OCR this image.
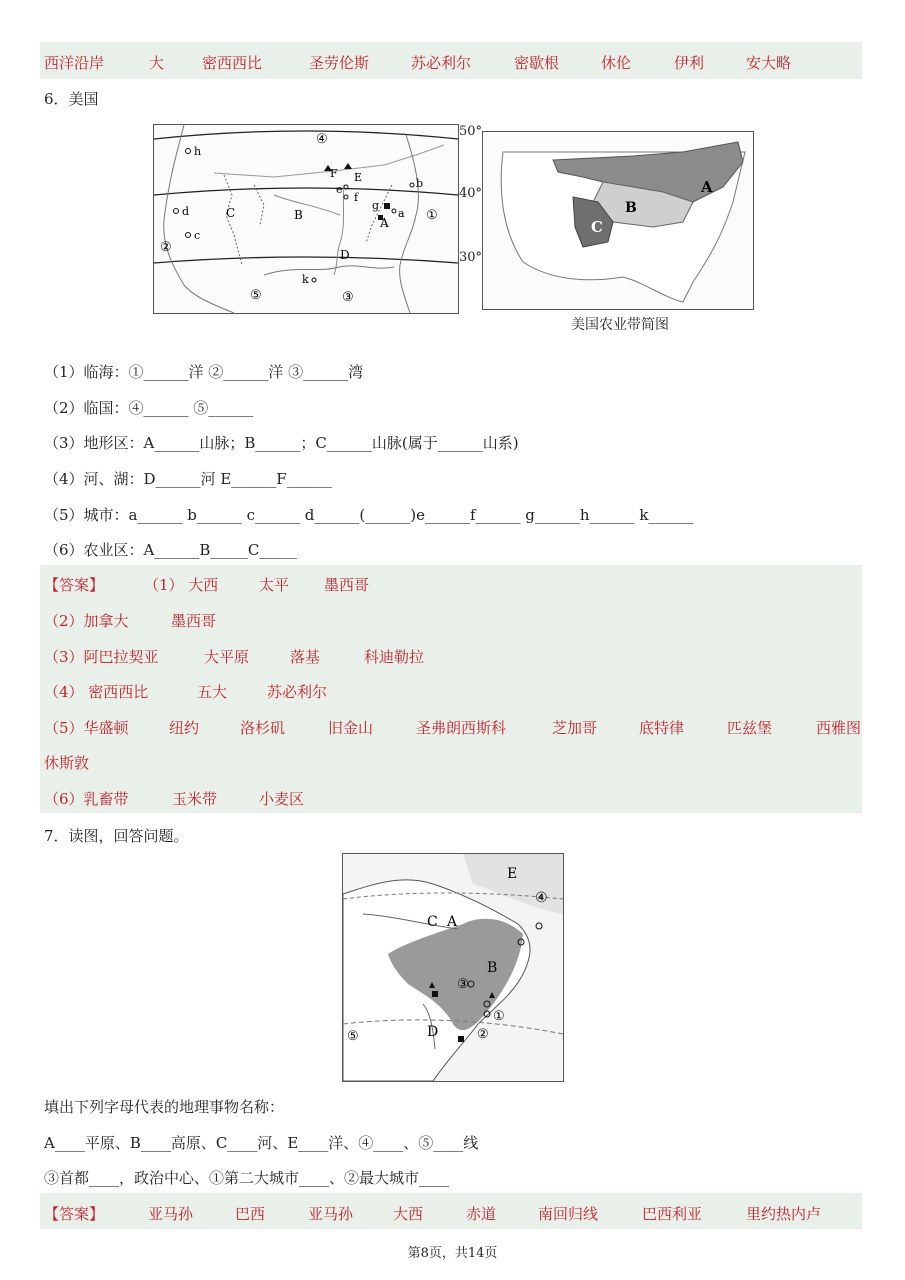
西洋沿岸	大	密西西比	圣劳伦斯	苏必利尔	密歇根	休伦	伊利	安大略
6．美国
④
①
②
③
⑤
A
B
C
D
E
F
a
b
c
d
e
f
g
h
k
50°
40°
30°
A
B
C
美国农业带简图
（1）临海：①______洋 ②______洋 ③______湾
（2）临国：④______ ⑤______
（3）地形区：A______山脉；B______；C______山脉(属于______山系)
（4）河、湖：D______河 E______F______
（5）城市：a______ b______ c______ d______(______)e______f______ g______h______ k______
（6）农业区：A______B_____C_____
【答案】	（1） 大西	太平 墨西哥
（2）加拿大	墨西哥
（3）阿巴拉契亚	大平原	落基	科迪勒拉
（4） 密西西比	五大	苏必利尔
（5）华盛顿	纽约	洛杉矶	旧金山	圣弗朗西斯科	芝加哥	底特律	匹兹堡	西雅图
休斯敦
（6）乳畜带	玉米带	小麦区
7．读图，回答问题。
E
④
C A
B
③
D
①
②
⑤
填出下列字母代表的地理事物名称：
A____平原、B____高原、C____河、E____洋、④____、⑤____线
③首都____，政治中心、①第二大城市____、②最大城市____
【答案】	亚马孙	巴西	亚马孙	大西	赤道	南回归线	巴西利亚	里约热内卢
第8页，共14页
